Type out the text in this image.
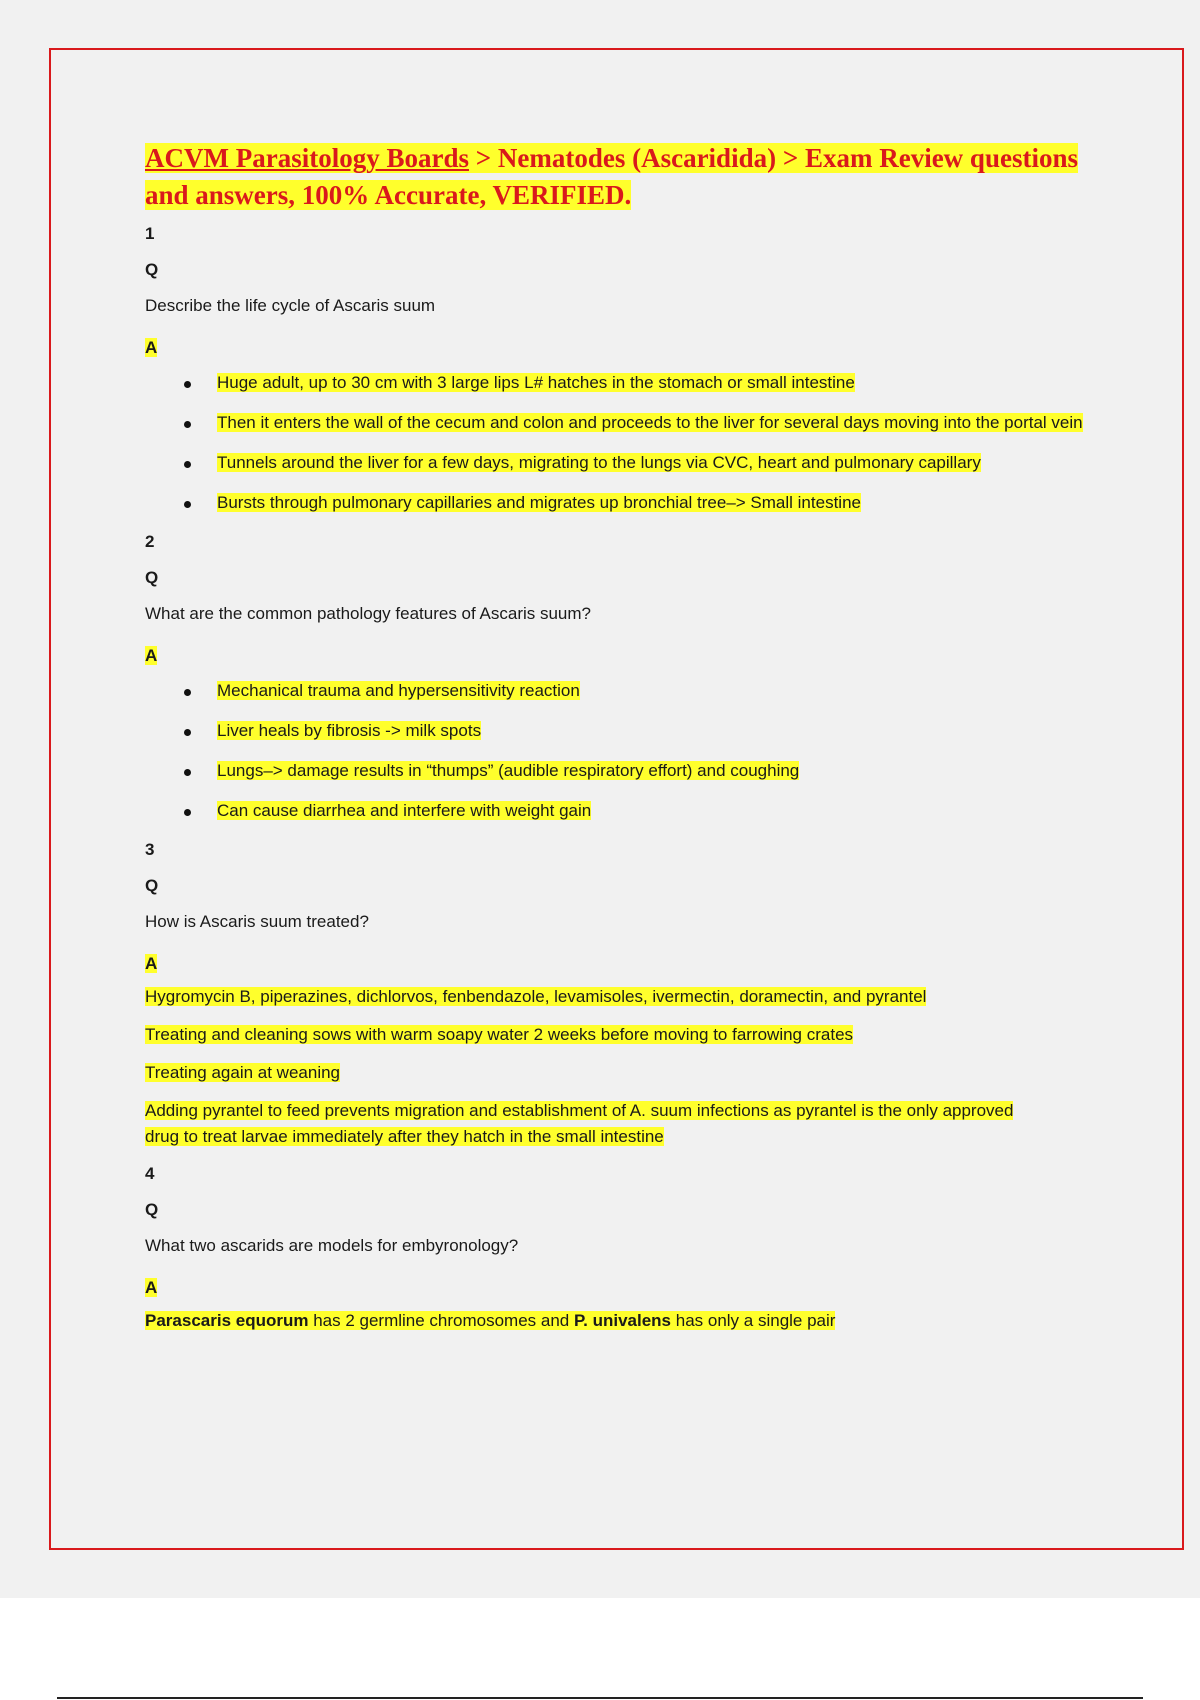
ACVM Parasitology Boards > Nematodes (Ascaridida) > Exam Review questions and answers, 100% Accurate, VERIFIED.

1

Q

Describe the life cycle of Ascaris suum

A

Huge adult, up to 30 cm with 3 large lips L# hatches in the stomach or small intestine
Then it enters the wall of the cecum and colon and proceeds to the liver for several days moving into the portal vein
Tunnels around the liver for a few days, migrating to the lungs via CVC, heart and pulmonary capillary
Bursts through pulmonary capillaries and migrates up bronchial tree–> Small intestine

2

Q

What are the common pathology features of Ascaris suum?

A

Mechanical trauma and hypersensitivity reaction
Liver heals by fibrosis -> milk spots
Lungs–> damage results in “thumps” (audible respiratory effort) and coughing
Can cause diarrhea and interfere with weight gain

3

Q

How is Ascaris suum treated?

A

Hygromycin B, piperazines, dichlorvos, fenbendazole, levamisoles, ivermectin, doramectin, and pyrantel

Treating and cleaning sows with warm soapy water 2 weeks before moving to farrowing crates

Treating again at weaning

Adding pyrantel to feed prevents migration and establishment of A. suum infections as pyrantel is the only approved drug to treat larvae immediately after they hatch in the small intestine

4

Q

What two ascarids are models for embyronology?

A

Parascaris equorum has 2 germline chromosomes and P. univalens has only a single pair
